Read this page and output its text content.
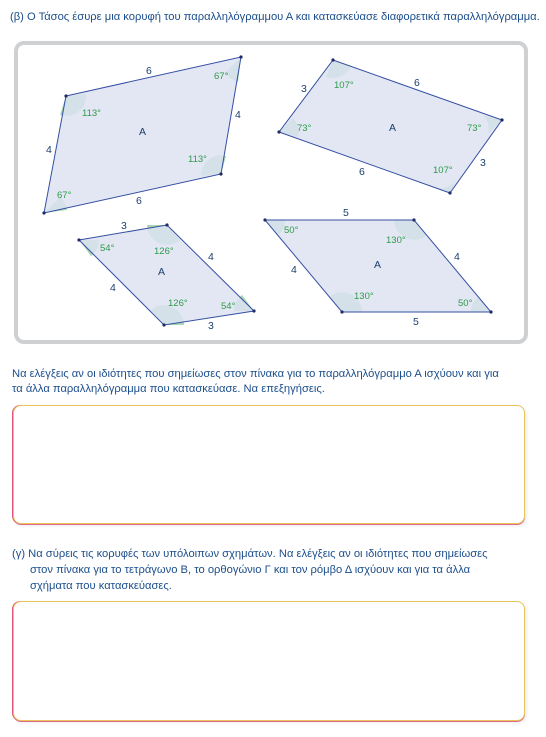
(β) Ο Τάσος έσυρε μια κορυφή του παραλληλόγραμμου Α και κατασκεύασε διαφορετικά παραλληλόγραμμα.
6
4
6
4
67°
113°
113°
67°
A
3	6
3
6
107°
73°	73°
107°
A
3
4
4
3
54°	126°
126°	54°
A
5
4
4
5
50°
130°
130°
50°
A
Να ελέγξεις αν οι ιδιότητες που σημείωσες στον πίνακα για το παραλληλόγραμμο Α ισχύουν και για
τα άλλα παραλληλόγραμμα που κατασκεύασε. Να επεξηγήσεις.
(γ) Να σύρεις τις κορυφές των υπόλοιπων σχημάτων. Να ελέγξεις αν οι ιδιότητες που σημείωσες
στον πίνακα για το τετράγωνο Β, το ορθογώνιο Γ και τον ρόμβο Δ ισχύουν και για τα άλλα
σχήματα που κατασκεύασες.
